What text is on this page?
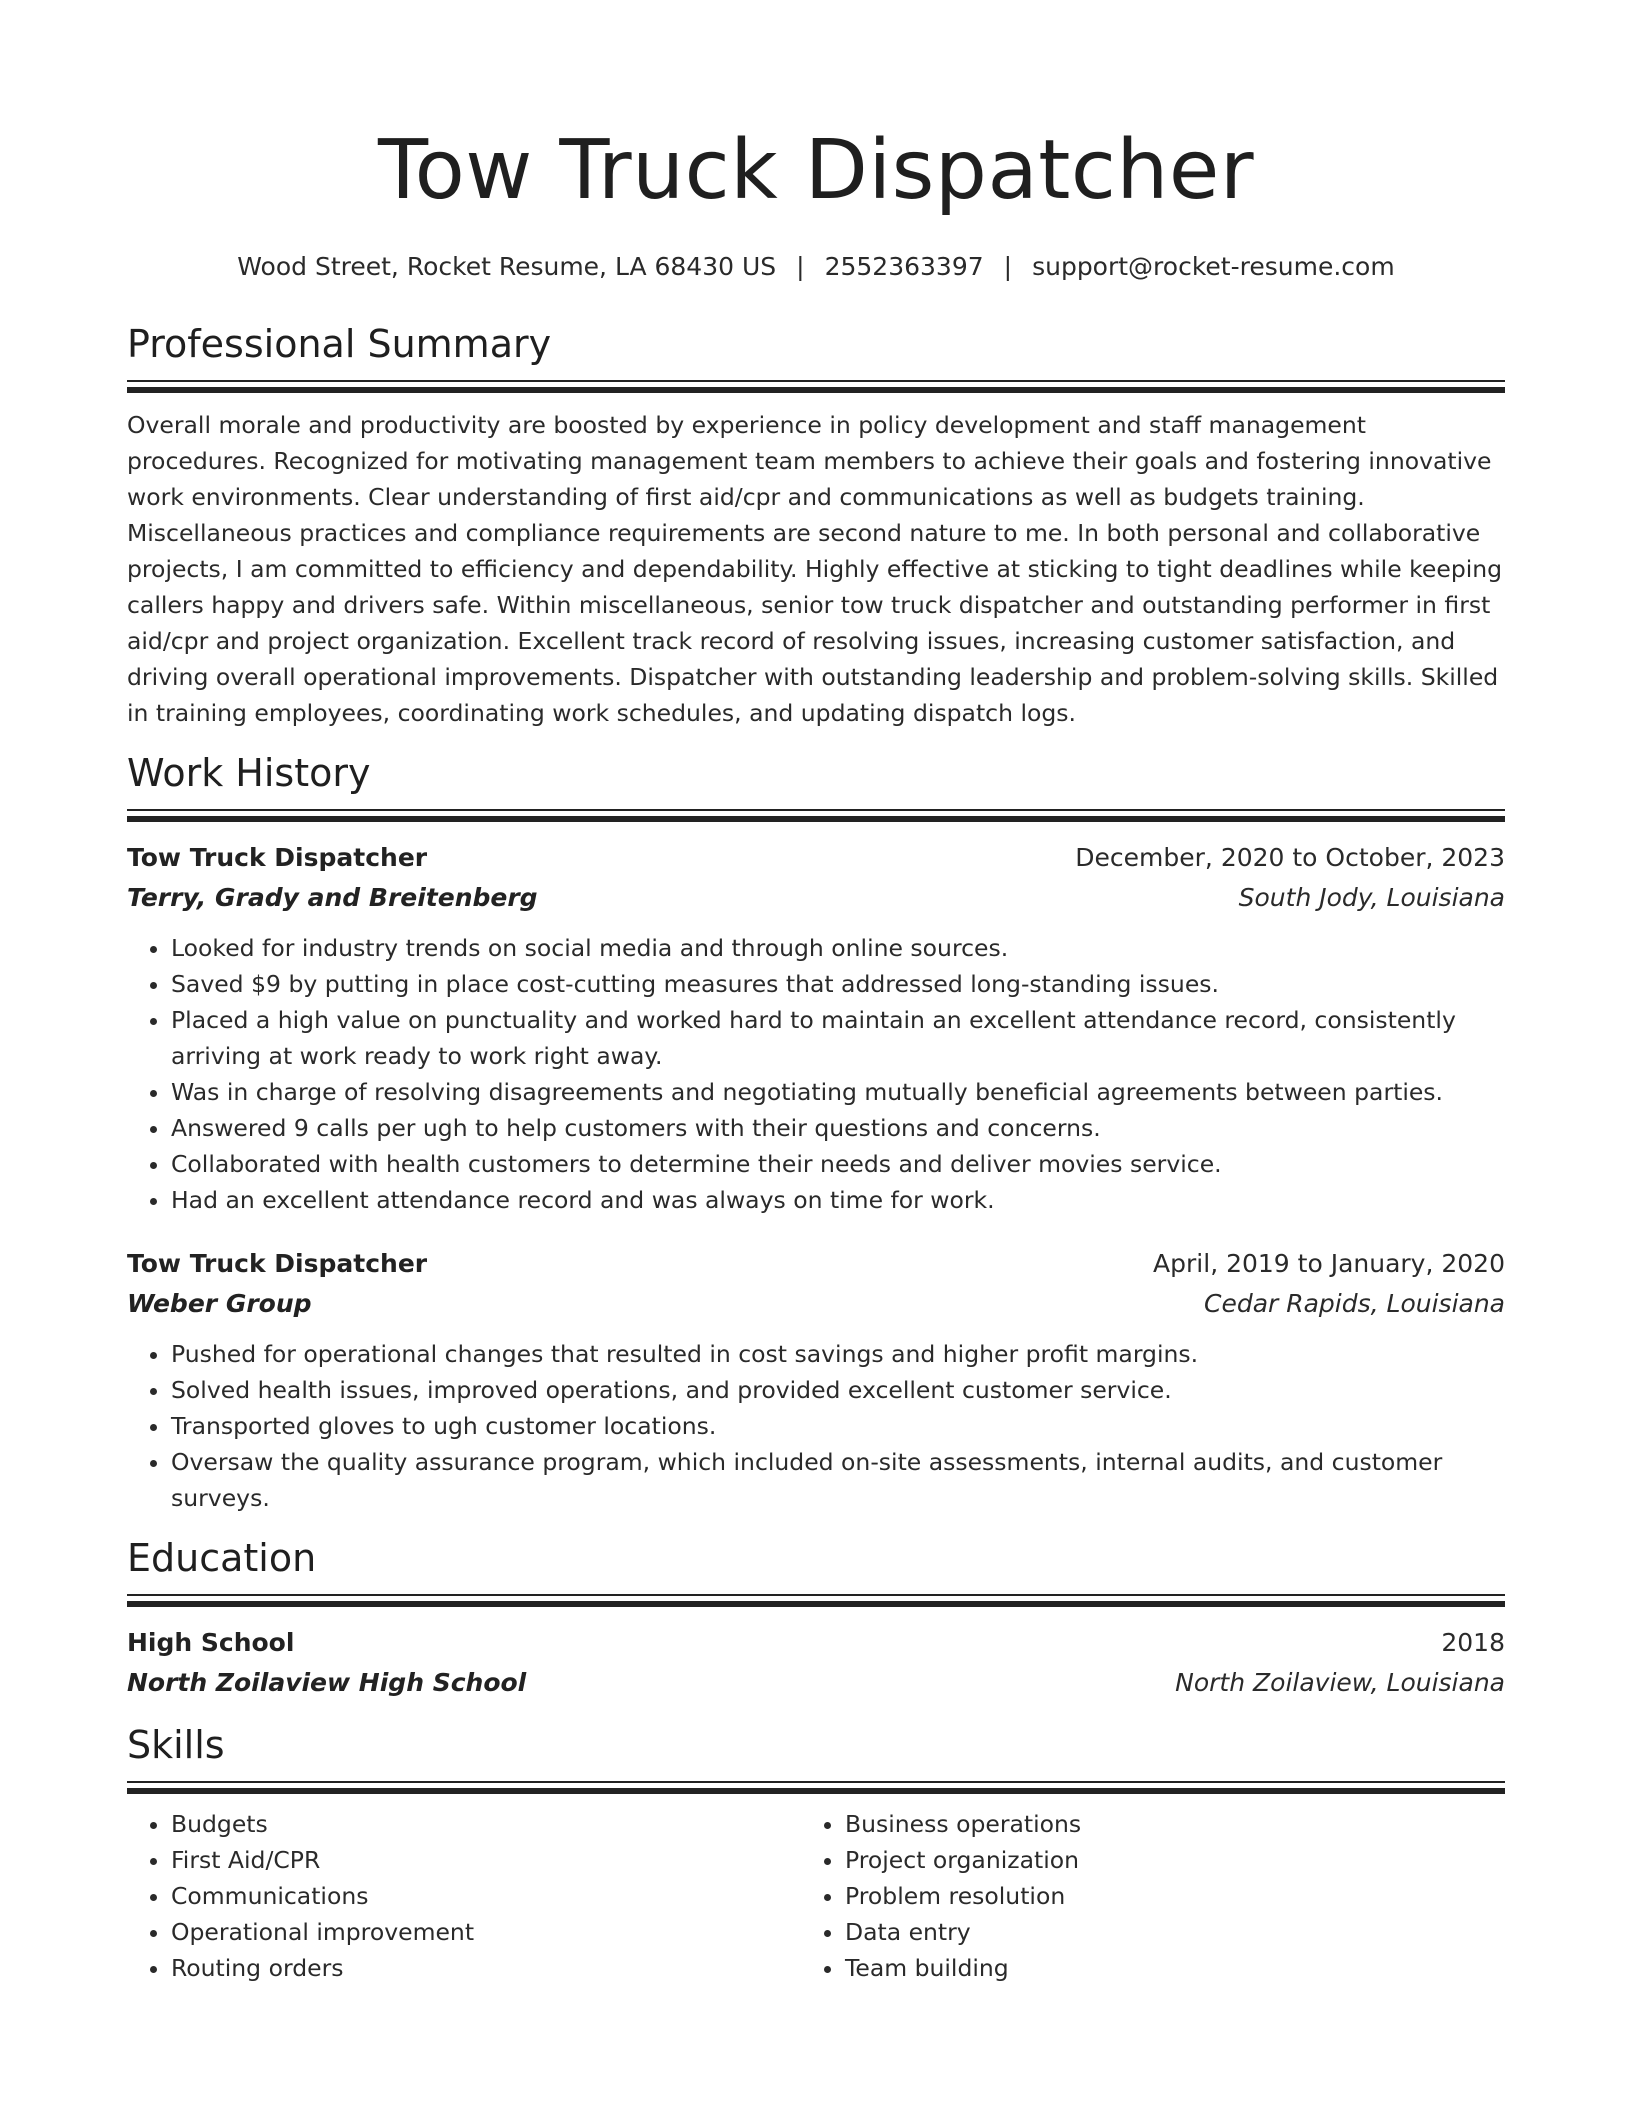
Tow Truck Dispatcher
Wood Street, Rocket Resume, LA 68430 US | 2552363397 | support@rocket-resume.com
Professional Summary
Overall morale and productivity are boosted by experience in policy development and staff management procedures. Recognized for motivating management team members to achieve their goals and fostering innovative work environments. Clear understanding of first aid/cpr and communications as well as budgets training. Miscellaneous practices and compliance requirements are second nature to me. In both personal and collaborative projects, I am committed to efficiency and dependability. Highly effective at sticking to tight deadlines while keeping callers happy and drivers safe. Within miscellaneous, senior tow truck dispatcher and outstanding performer in first aid/cpr and project organization. Excellent track record of resolving issues, increasing customer satisfaction, and driving overall operational improvements. Dispatcher with outstanding leadership and problem-solving skills. Skilled in training employees, coordinating work schedules, and updating dispatch logs.
Work History
Tow Truck Dispatcher	December, 2020 to October, 2023
Terry, Grady and Breitenberg	South Jody, Louisiana
• Looked for industry trends on social media and through online sources.
• Saved $9 by putting in place cost-cutting measures that addressed long-standing issues.
• Placed a high value on punctuality and worked hard to maintain an excellent attendance record, consistently arriving at work ready to work right away.
• Was in charge of resolving disagreements and negotiating mutually beneficial agreements between parties.
• Answered 9 calls per ugh to help customers with their questions and concerns.
• Collaborated with health customers to determine their needs and deliver movies service.
• Had an excellent attendance record and was always on time for work.
Tow Truck Dispatcher	April, 2019 to January, 2020
Weber Group	Cedar Rapids, Louisiana
• Pushed for operational changes that resulted in cost savings and higher profit margins.
• Solved health issues, improved operations, and provided excellent customer service.
• Transported gloves to ugh customer locations.
• Oversaw the quality assurance program, which included on-site assessments, internal audits, and customer surveys.
Education
High School	2018
North Zoilaview High School	North Zoilaview, Louisiana
Skills
• Budgets
• First Aid/CPR
• Communications
• Operational improvement
• Routing orders
• Business operations
• Project organization
• Problem resolution
• Data entry
• Team building
